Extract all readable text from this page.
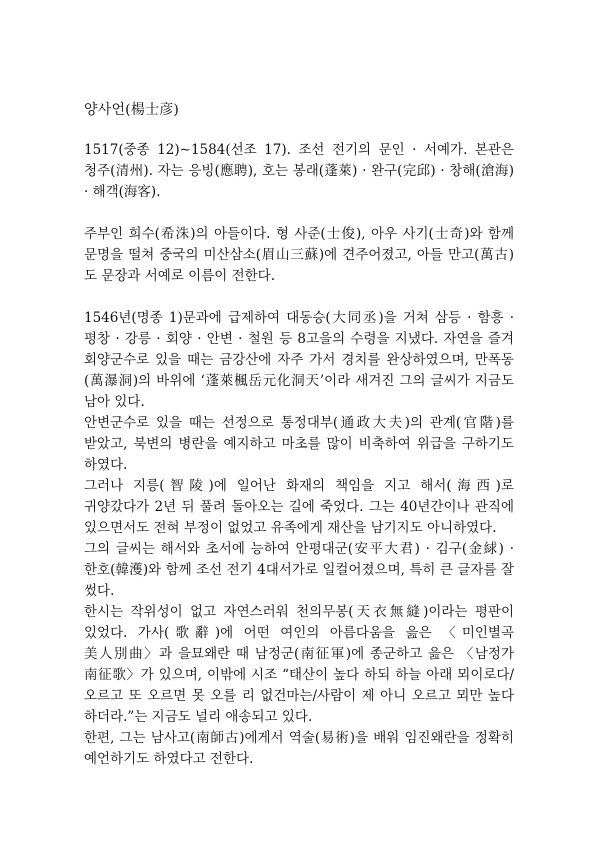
양사언(楊士彦)

1517(중종 12)∼1584(선조 17). 조선 전기의 문인 · 서예가. 본관은 청주(清州). 자는 응빙(應聘), 호는 봉래(蓬萊) · 완구(完邱) · 창해(滄海) · 해객(海客).

주부인 희수(希洙)의 아들이다. 형 사준(士俊), 아우 사기(士奇)와 함께 문명을 떨쳐 중국의 미산삼소(眉山三蘇)에 견주어졌고, 아들 만고(萬古)도 문장과 서예로 이름이 전한다.

1546년(명종 1)문과에 급제하여 대동승(大同丞)을 거쳐 삼등 · 함흥 · 평창 · 강릉 · 회양 · 안변 · 철원 등 8고을의 수령을 지냈다. 자연을 즐겨 회양군수로 있을 때는 금강산에 자주 가서 경치를 완상하였으며, 만폭동(萬瀑洞)의 바위에 ‘蓬萊楓岳元化洞天’이라 새겨진 그의 글씨가 지금도 남아 있다.

안변군수로 있을 때는 선정으로 통정대부(通政大夫)의 관계(官階)를 받았고, 북변의 병란을 예지하고 마초를 많이 비축하여 위급을 구하기도 하였다.

그러나 지릉(智陵)에 일어난 화재의 책임을 지고 해서(海西)로 귀양갔다가 2년 뒤 풀려 돌아오는 길에 죽었다. 그는 40년간이나 관직에 있으면서도 전혀 부정이 없었고 유족에게 재산을 남기지도 아니하였다.

그의 글씨는 해서와 초서에 능하여 안평대군(安平大君) · 김구(金絿) · 한호(韓濩)와 함께 조선 전기 4대서가로 일컬어졌으며, 특히 큰 글자를 잘 썼다.

한시는 작위성이 없고 자연스러워 천의무봉(天衣無縫)이라는 평판이 있었다. 가사(歌辭)에 어떤 여인의 아름다움을 읊은 〈미인별곡 美人別曲〉과 을묘왜란 때 남정군(南征軍)에 종군하고 읊은 〈남정가 南征歌〉가 있으며, 이밖에 시조 “태산이 높다 하되 하늘 아래 뫼이로다/오르고 또 오르면 못 오를 리 없건마는/사람이 제 아니 오르고 뫼만 높다 하더라.”는 지금도 널리 애송되고 있다.

한편, 그는 남사고(南師古)에게서 역술(易術)을 배워 임진왜란을 정확히 예언하기도 하였다고 전한다.
